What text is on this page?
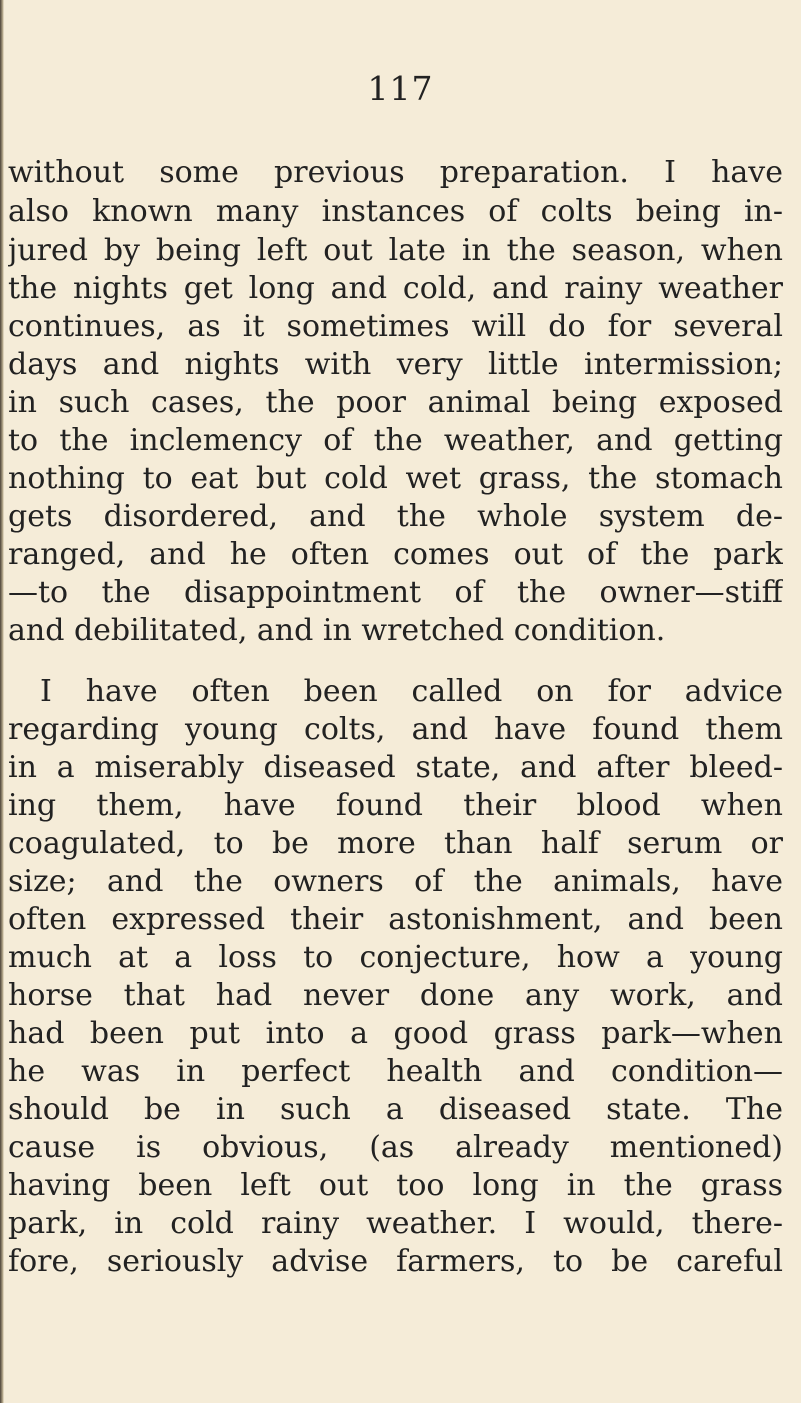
117
without some previous preparation. I have
also known many instances of colts being in-
jured by being left out late in the season, when
the nights get long and cold, and rainy weather
continues, as it sometimes will do for several
days and nights with very little intermission;
in such cases, the poor animal being exposed
to the inclemency of the weather, and getting
nothing to eat but cold wet grass, the stomach
gets disordered, and the whole system de-
ranged, and he often comes out of the park
—to the disappointment of the owner—stiff
and debilitated, and in wretched condition.
I have often been called on for advice
regarding young colts, and have found them
in a miserably diseased state, and after bleed-
ing them, have found their blood when
coagulated, to be more than half serum or
size; and the owners of the animals, have
often expressed their astonishment, and been
much at a loss to conjecture, how a young
horse that had never done any work, and
had been put into a good grass park—when
he was in perfect health and condition—
should be in such a diseased state. The
cause is obvious, (as already mentioned)
having been left out too long in the grass
park, in cold rainy weather. I would, there-
fore, seriously advise farmers, to be careful
